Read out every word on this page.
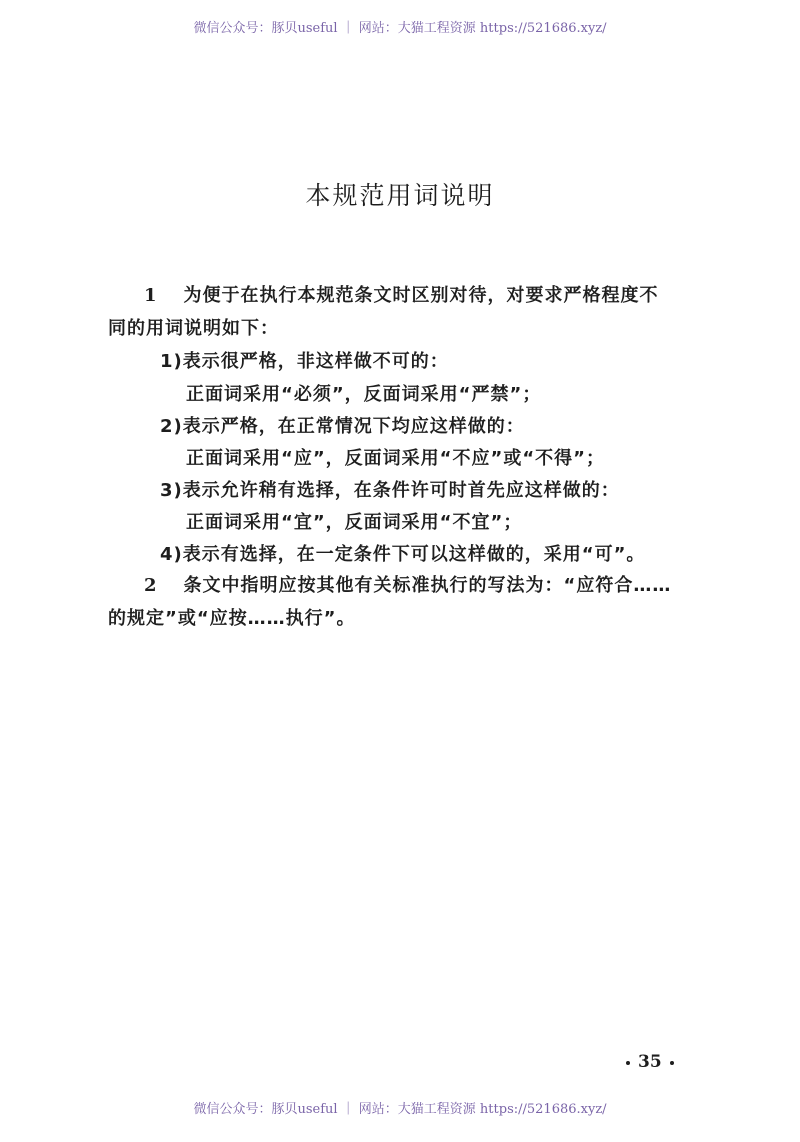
微信公众号：豚贝useful ｜ 网站：大猫工程资源 https://521686.xyz/
本规范用词说明
1 为便于在执行本规范条文时区别对待，对要求严格程度不
同的用词说明如下：
1)表示很严格，非这样做不可的：
正面词采用“必须”，反面词采用“严禁”；
2)表示严格，在正常情况下均应这样做的：
正面词采用“应”，反面词采用“不应”或“不得”；
3)表示允许稍有选择，在条件许可时首先应这样做的：
正面词采用“宜”，反面词采用“不宜”；
4)表示有选择，在一定条件下可以这样做的，采用“可”。
2 条文中指明应按其他有关标准执行的写法为：“应符合……
的规定”或“应按……执行”。
35
微信公众号：豚贝useful ｜ 网站：大猫工程资源 https://521686.xyz/
